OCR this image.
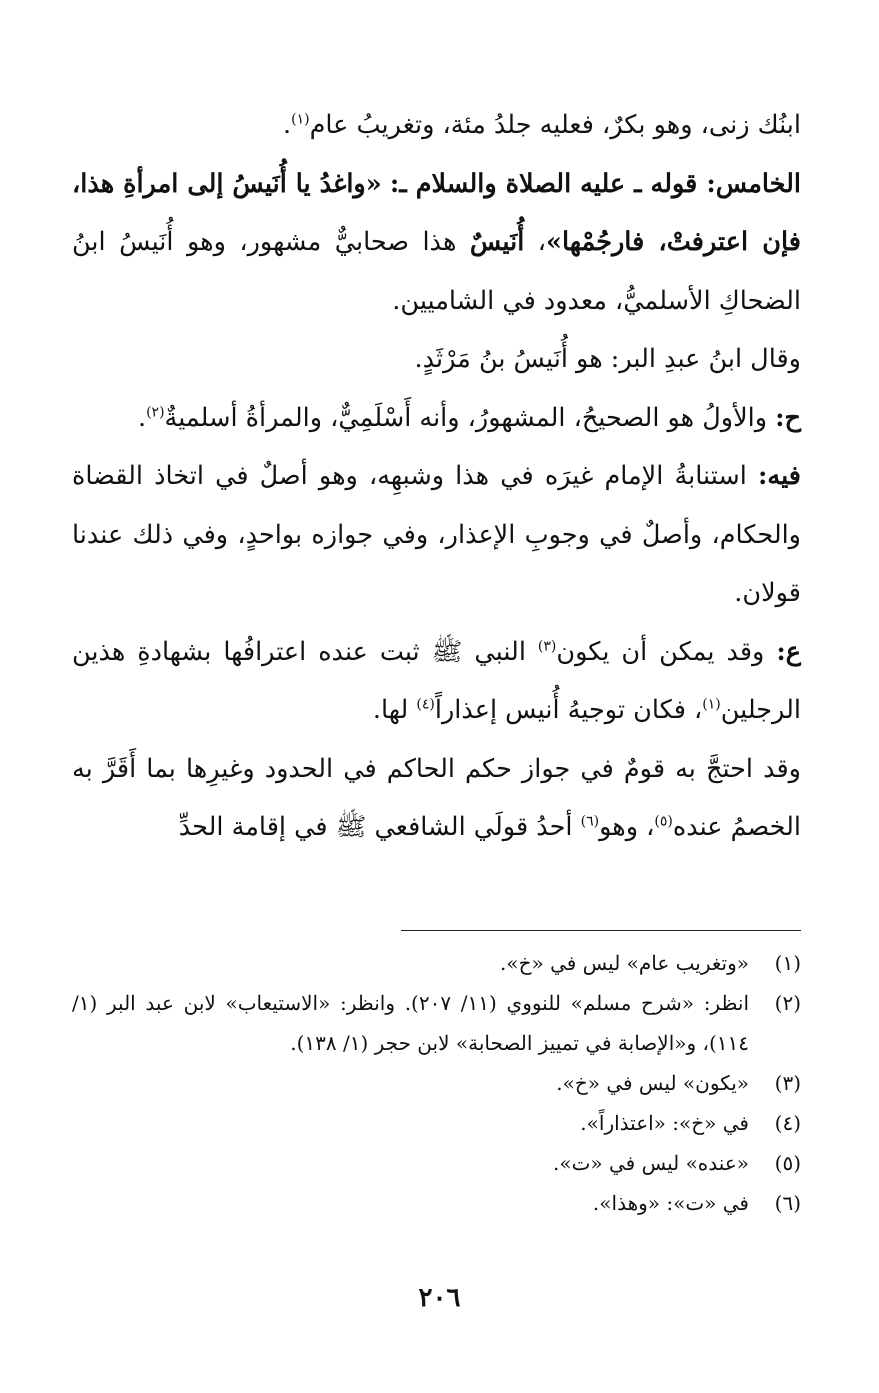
ابنُك زنى، وهو بكرٌ، فعليه جلدُ مئة، وتغريبُ عام$^{(١)}$.

الخامس: قوله ـ عليه الصلاة والسلام ـ: «واغدُ يا أُنَيسُ إلى امرأةِ هذا، فإن اعترفتْ، فارجُمْها»، أُنَيسٌ هذا صحابيٌّ مشهور، وهو أُنَيسُ ابنُ الضحاكِ الأسلميُّ، معدود في الشاميين.

وقال ابنُ عبدِ البر: هو أُنَيسُ بنُ مَرْثَدٍ.

ح: والأولُ هو الصحيحُ، المشهورُ، وأنه أَسْلَمِيٌّ، والمرأةُ أسلميةٌ$^{(٢)}$.

فيه: استنابةُ الإمام غيرَه في هذا وشبهِه، وهو أصلٌ في اتخاذ القضاة والحكام، وأصلٌ في وجوبِ الإعذار، وفي جوازه بواحدٍ، وفي ذلك عندنا قولان.

ع: وقد يمكن أن يكون$^{(٣)}$ النبي ﷺ ثبت عنده اعترافُها بشهادةِ هذين الرجلين$^{(١)}$، فكان توجيهُ أُنيس إعذاراً$^{(٤)}$ لها.

وقد احتجَّ به قومٌ في جواز حكم الحاكم في الحدود وغيرِها بما أَقَرَّ به الخصمُ عنده$^{(٥)}$، وهو$^{(٦)}$ أحدُ قولَي الشافعي ﷺ في إقامة الحدِّ

(١)
«وتغريب عام» ليس في «خ».
(٢)
انظر: «شرح مسلم» للنووي (١١/ ٢٠٧). وانظر: «الاستيعاب» لابن عبد البر (١/ ١١٤)، و«الإصابة في تمييز الصحابة» لابن حجر (١/ ١٣٨).
(٣)
«يكون» ليس في «خ».
(٤)
في «خ»: «اعتذاراً».
(٥)
«عنده» ليس في «ت».
(٦)
في «ت»: «وهذا».
٢٠٦
